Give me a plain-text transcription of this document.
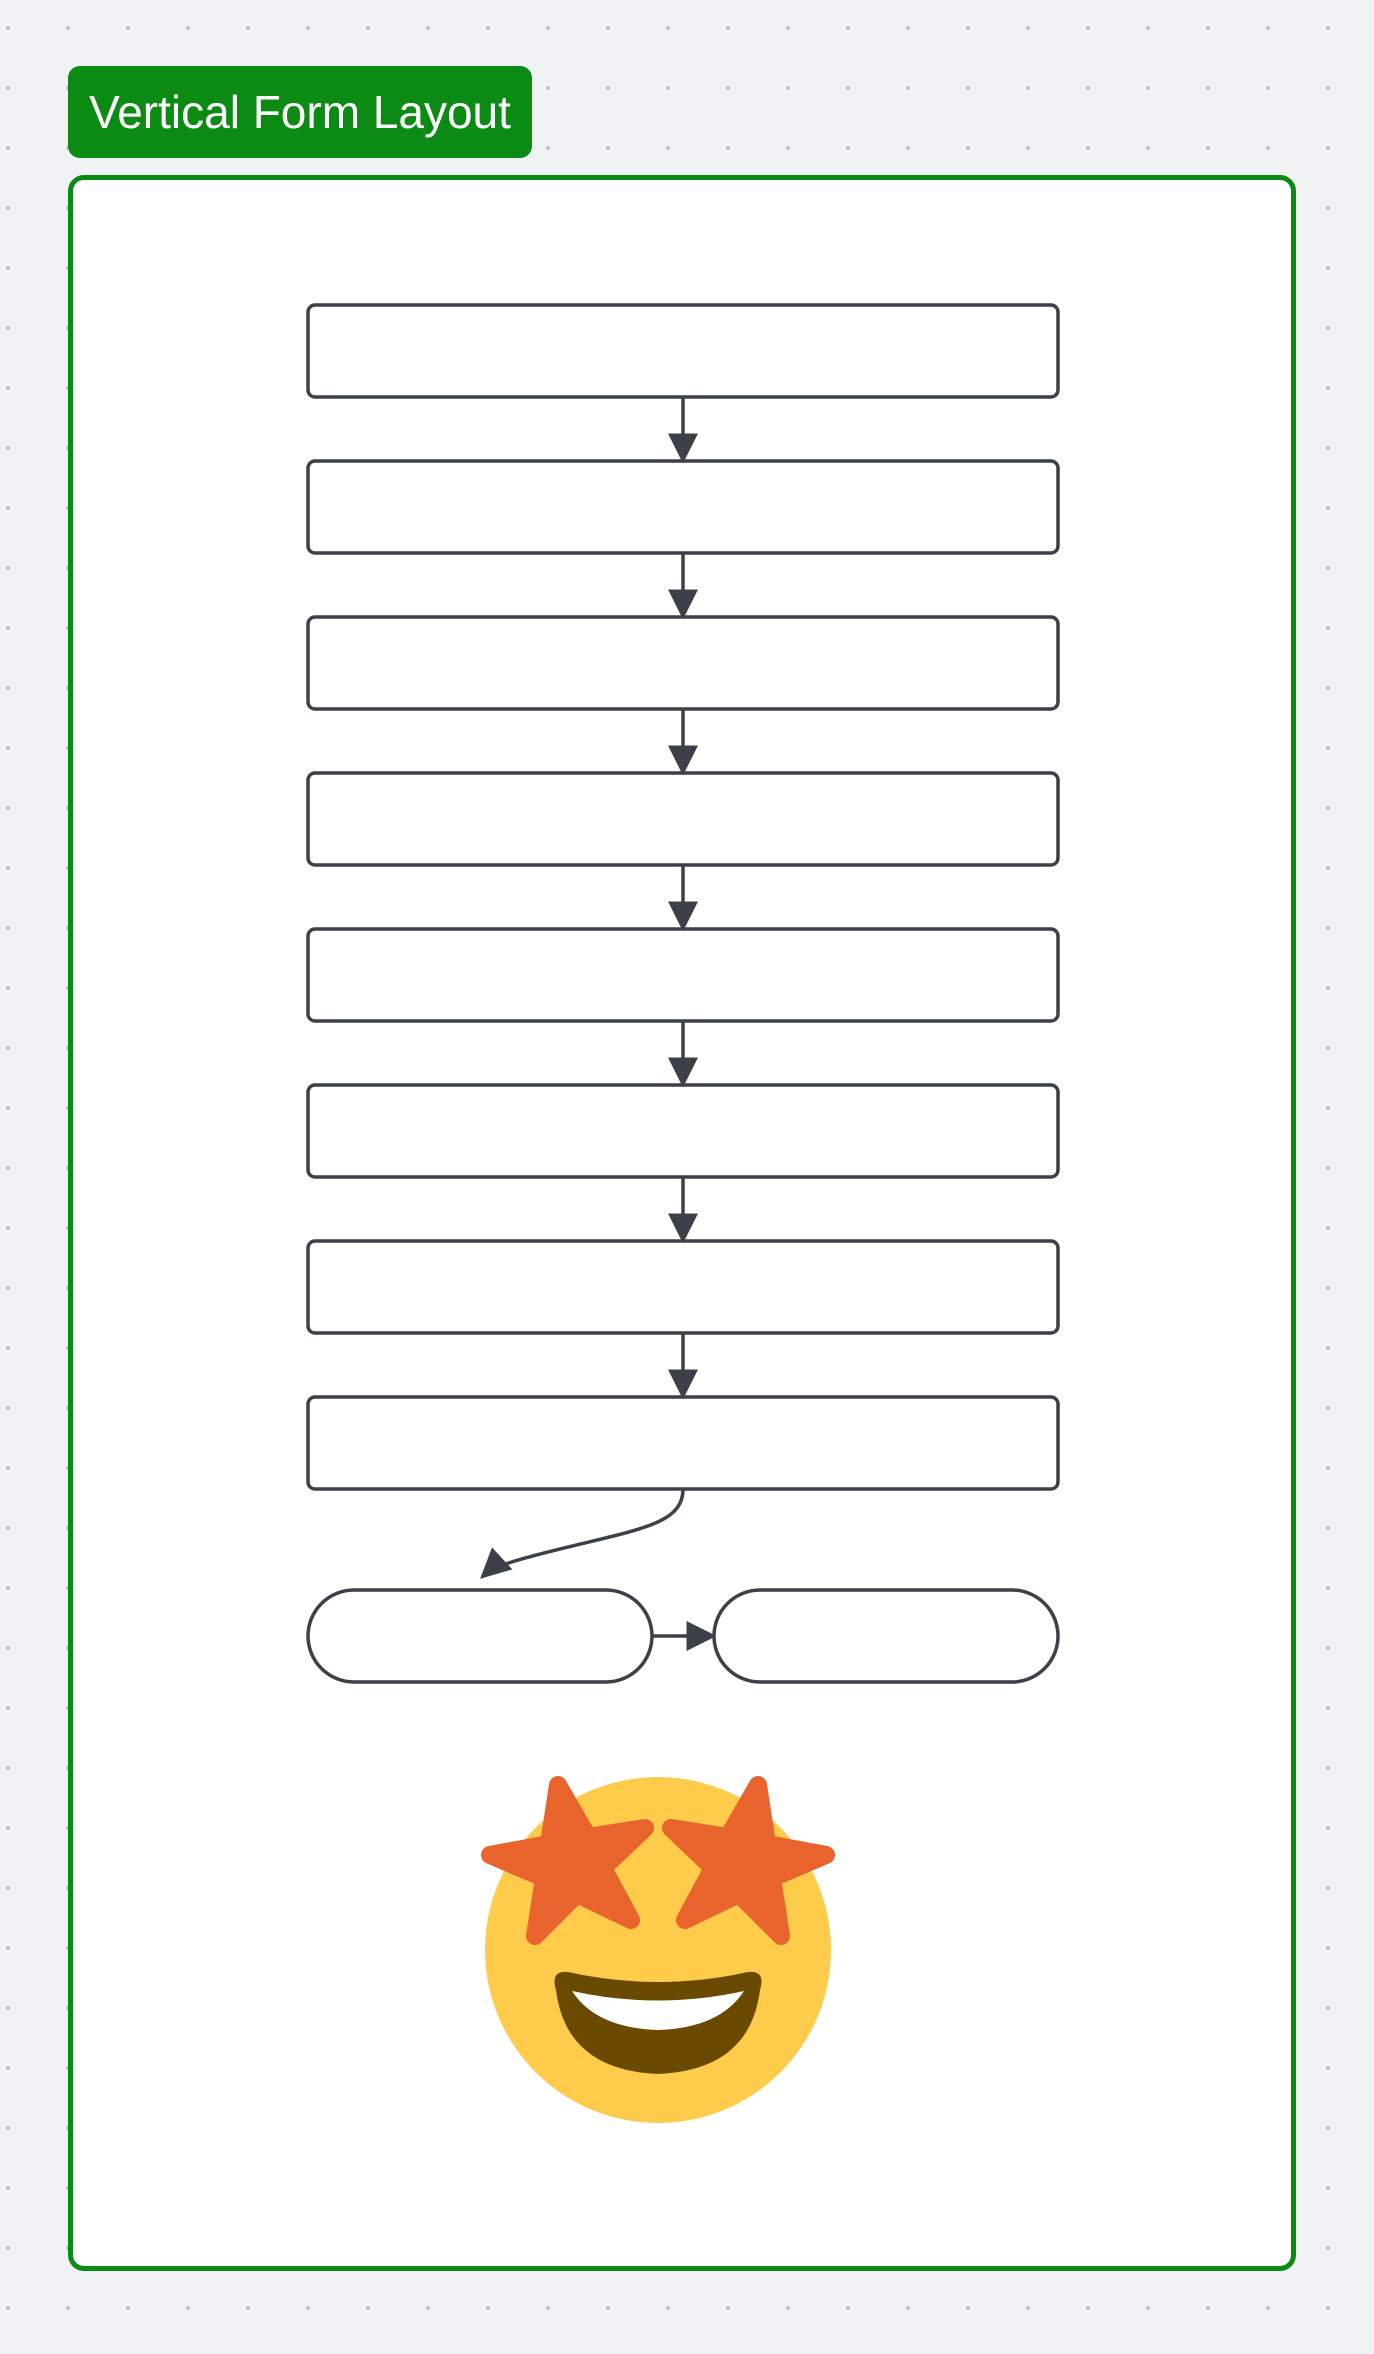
Vertical Form Layout
